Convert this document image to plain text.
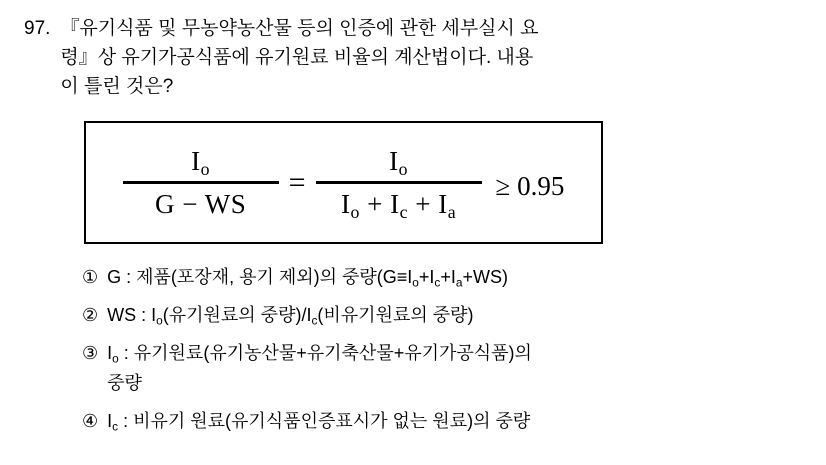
97. 『유기식품 및 무농약농산물 등의 인증에 관한 세부실시 요
령』상 유기가공식품에 유기원료 비율의 계산법이다. 내용
이 틀린 것은?
$\frac{I_o}{G - WS} = \frac{I_o}{I_o + I_c + I_a} \ge 0.95$
① G : 제품(포장재, 용기 제외)의 중량$(G\equiv I_o+I_c+I_a+WS)$
② WS : $I_o$(유기원료의 중량)$/I_c$(비유기원료의 중량)
③ $I_o$ : 유기원료(유기농산물+유기축산물+유기가공식품)의
중량
④ $I_c$ : 비유기 원료(유기식품인증표시가 없는 원료)의 중량
